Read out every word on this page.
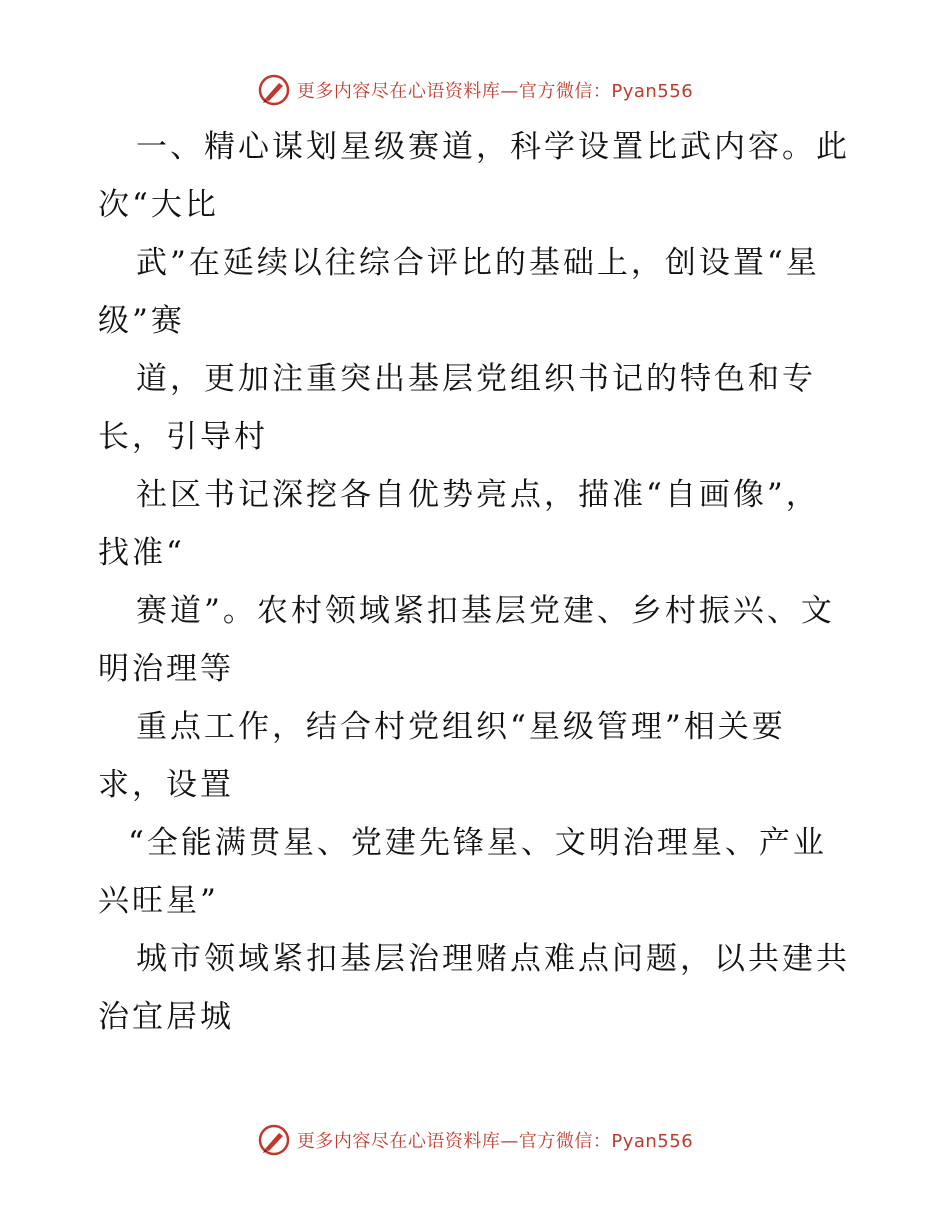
更多内容尽在心语资料库—官方微信：Pyan556
一、精心谋划星级赛道，科学设置比武内容。此
次“大比
武”在延续以往综合评比的基础上，创设置“星
级”赛
道，更加注重突出基层党组织书记的特色和专
长，引导村
社区书记深挖各自优势亮点，描准“自画像”，
找准“
赛道”。农村领域紧扣基层党建、乡村振兴、文
明治理等
重点工作，结合村党组织“星级管理”相关要
求，设置
“全能满贯星、党建先锋星、文明治理星、产业
兴旺星”
城市领域紧扣基层治理赌点难点问题，以共建共
治宜居城
更多内容尽在心语资料库—官方微信：Pyan556
